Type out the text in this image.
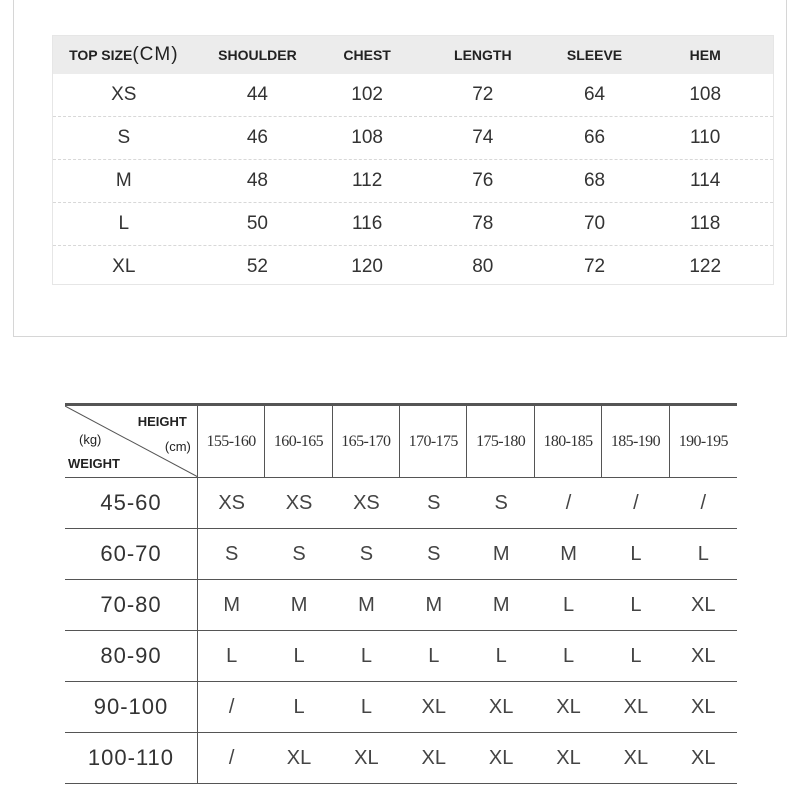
TOP SIZE(CM)	SHOULDER	CHEST	LENGTH	SLEEVE	HEM
XS	44	102	72	64	108
S	46	108	74	66	110
M	48	112	76	68	114
L	50	116	78	70	118
XL	52	120	80	72	122
HEIGHT
(cm)
(kg)
WEIGHT
155-160	160-165	165-170	170-175	175-180	180-185	185-190	190-195
45-60	XS	XS	XS	S	S	/	/	/
60-70	S	S	S	S	M	M	L	L
70-80	M	M	M	M	M	L	L	XL
80-90	L	L	L	L	L	L	L	XL
90-100	/	L	L	XL	XL	XL	XL	XL
100-110	/	XL	XL	XL	XL	XL	XL	XL
